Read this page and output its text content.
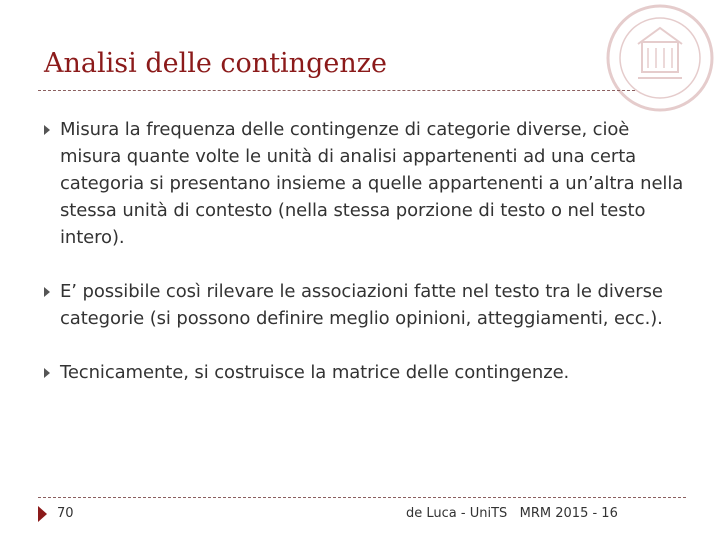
Analisi delle contingenze

Misura la frequenza delle contingenze di categorie diverse, cioè misura quante volte le unità di analisi appartenenti ad una certa categoria si presentano insieme a quelle appartenenti a un’altra nella stessa unità di contesto (nella stessa porzione di testo o nel testo intero).

E’ possibile così rilevare le associazioni fatte nel testo tra le diverse categorie (si possono definire meglio opinioni, atteggiamenti, ecc.).

Tecnicamente, si costruisce la matrice delle contingenze.

70	de Luca - UniTS   MRM 2015 - 16
